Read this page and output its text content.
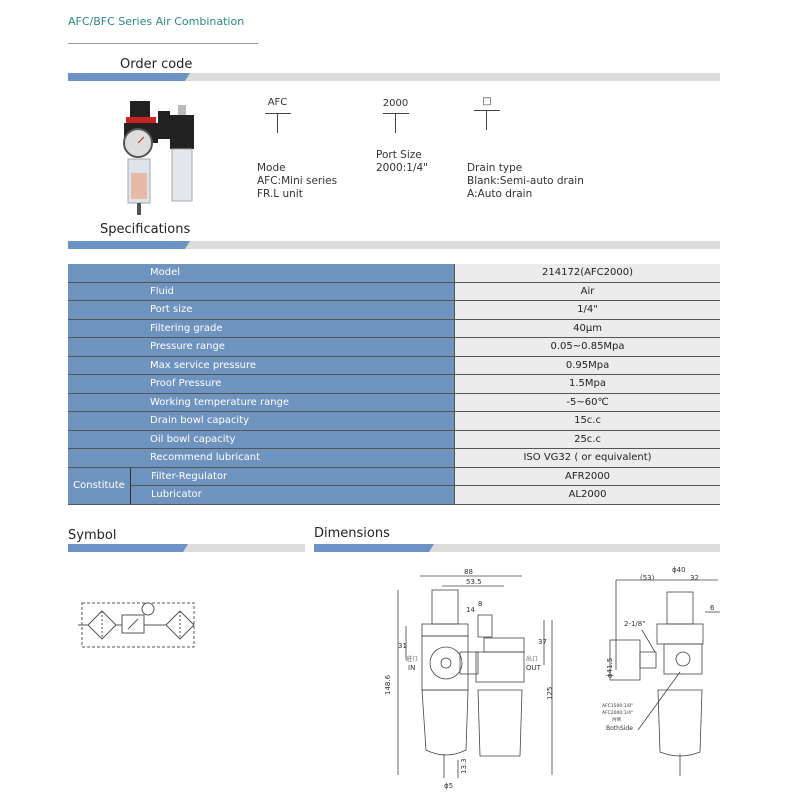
AFC/BFC Series Air Combination
Order code
AFC
Mode
AFC:Mini series
FR.L unit
2000
Port Size
2000:1/4"
□
Drain type
Blank:Semi-auto drain
A:Auto drain
Specifications
Model		214172(AFC2000)
Fluid		Air
Port size		1/4"
Filtering grade		40μm
Pressure range		0.05~0.85Mpa
Max service pressure		0.95Mpa
Proof Pressure		1.5Mpa
Working temperature range		-5~60℃
Drain bowl capacity		15c.c
Oil bowl capacity		25c.c
Recommend lubricant		ISO VG32 ( or equivalent)
Constitute	Filter-Regulator	AFR2000
	Lubricator	AL2000
Symbol	Dimensions
88
53.5
8
14
31	37
148.6	125
13.3
ϕ5
进口
IN
出口
OUT
ϕ40
(53)	32
6
2-1/8"
ϕ41.5
AFC1500:1/8"
AFC2000:1/4"
两侧
BothSide
